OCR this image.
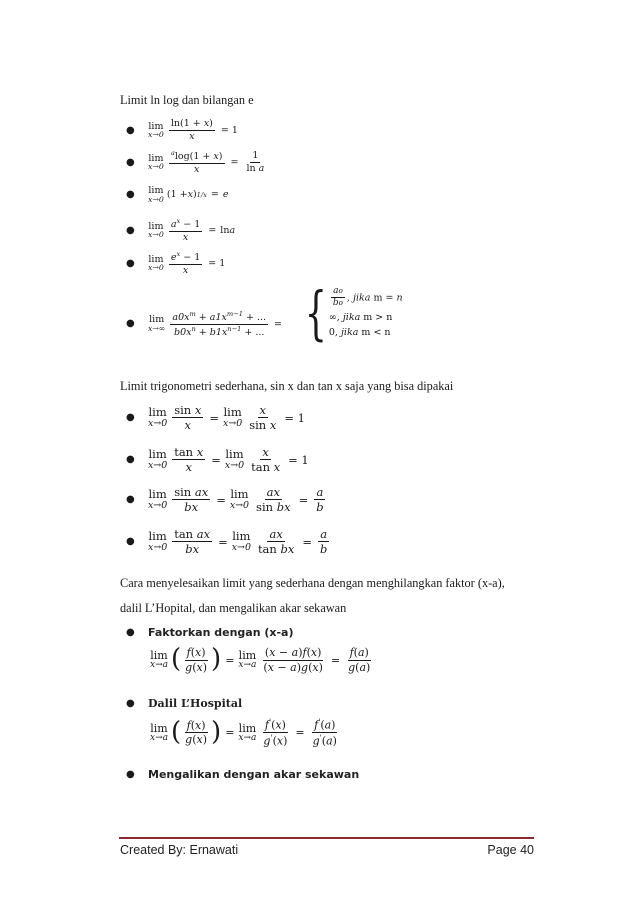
Limit ln log dan bilangan e
●	lim
$x\to 0 \frac{\ln(1 + x)}{x} = 1$
●	lim
$x\to 0 \frac{^a\log(1 + x)}{x} = \frac{1}{\text{ln a}}$
●	lim
x→0 (1 + x ) 1/x = e
●	lim
$x\to 0 \frac{a^x - 1}{x} = \ln a$
●	lim
$x\to 0 \frac{e^x - 1}{x} = 1$
●	lim
$x\to\infty \frac{a0x^m + a1x^{m-1} + ...}{b0x^n + b1x^{n-1} + ...}$ = { $\frac{ao}{bo}$ , jika m = n
∞, jika m > n
0, jika m < n
Limit trigonometri sederhana, sin x dan tan x saja yang bisa dipakai
●	lim
$x\to 0 \frac{\text{sin x}}{x} = \lim$
$x\to 0 \frac{x}{\text{sin x}} = 1$
●	lim
$x\to 0 \frac{\text{tan x}}{x} = \lim$
$x\to 0 \frac{x}{\text{tan x}} = 1$
●	lim
$x\to 0 \frac{\text{sin ax}}{bx} = \lim$
$x\to 0 \frac{ax}{\text{sin bx}} = \frac{a}{b}$
●	lim
$x\to 0 \frac{\text{tan ax}}{bx} = \lim$
$x\to 0 \frac{ax}{\text{tan bx}} = \frac{a}{b}$
Cara menyelesaikan limit yang sederhana dengan menghilangkan faktor (x-a),
dalil L’Hopital, dan mengalikan akar sekawan
●	Faktorkan dengan (x-a)
lim
x→a ( $\frac{f(x)}{g(x)}$ ) = lim
$x\to a \frac{(x - a)f(x)}{(x - a)g(x)} = \frac{f(a)}{g(a)}$
●	Dalil L’Hospital
lim
x→a ( $\frac{f(x)}{g(x)}$ ) = lim
$x\to a \frac{f'(x)}{g'(x)} = \frac{f'(a)}{g'(a)}$
●	Mengalikan dengan akar sekawan
Created By: Ernawati	Page 40
